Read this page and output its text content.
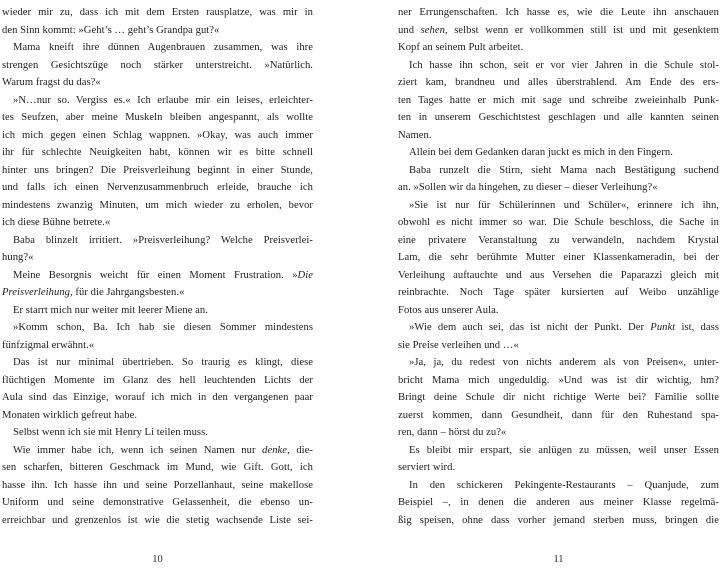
wieder mir zu, dass ich mit dem Ersten rausplatze, was mir in
den Sinn kommt: »Geht’s … geht’s Grandpa gut?«
Mama kneift ihre dünnen Augenbrauen zusammen, was ihre
strengen Gesichtszüge noch stärker unterstreicht. »Natürlich.
Warum fragst du das?«
»N…nur so. Vergiss es.« Ich erlaube mir ein leises, erleichter-
tes Seufzen, aber meine Muskeln bleiben angespannt, als wollte
ich mich gegen einen Schlag wappnen. »Okay, was auch immer
ihr für schlechte Neuigkeiten habt, können wir es bitte schnell
hinter uns bringen? Die Preisverleihung beginnt in einer Stunde,
und falls ich einen Nervenzusammenbruch erleide, brauche ich
mindestens zwanzig Minuten, um mich wieder zu erholen, bevor
ich diese Bühne betrete.«
Baba blinzelt irritiert. »Preisverleihung? Welche Preisverlei-
hung?«
Meine Besorgnis weicht für einen Moment Frustration. »Die
Preisverleihung, für die Jahrgangsbesten.«
Er starrt mich nur weiter mit leerer Miene an.
»Komm schon, Ba. Ich hab sie diesen Sommer mindestens
fünfzigmal erwähnt.«
Das ist nur minimal übertrieben. So traurig es klingt, diese
flüchtigen Momente im Glanz des hell leuchtenden Lichts der
Aula sind das Einzige, worauf ich mich in den vergangenen paar
Monaten wirklich gefreut habe.
Selbst wenn ich sie mit Henry Li teilen muss.
Wie immer habe ich, wenn ich seinen Namen nur denke, die-
sen scharfen, bitteren Geschmack im Mund, wie Gift. Gott, ich
hasse ihn. Ich hasse ihn und seine Porzellanhaut, seine makellose
Uniform und seine demonstrative Gelassenheit, die ebenso un-
erreichbar und grenzenlos ist wie die stetig wachsende Liste sei-
ner Errungenschaften. Ich hasse es, wie die Leute ihn anschauen
und sehen, selbst wenn er vollkommen still ist und mit gesenktem
Kopf an seinem Pult arbeitet.
Ich hasse ihn schon, seit er vor vier Jahren in die Schule stol-
ziert kam, brandneu und alles überstrahlend. Am Ende des ers-
ten Tages hatte er mich mit sage und schreibe zweieinhalb Punk-
ten in unserem Geschichtstest geschlagen und alle kannten seinen
Namen.
Allein bei dem Gedanken daran juckt es mich in den Fingern.
Baba runzelt die Stirn, sieht Mama nach Bestätigung suchend
an. »Sollen wir da hingehen, zu dieser – dieser Verleihung?«
»Sie ist nur für Schülerinnen und Schüler«, erinnere ich ihn,
obwohl es nicht immer so war. Die Schule beschloss, die Sache in
eine privatere Veranstaltung zu verwandeln, nachdem Krystal
Lam, die sehr berühmte Mutter einer Klassenkameradin, bei der
Verleihung auftauchte und aus Versehen die Paparazzi gleich mit
reinbrachte. Noch Tage später kursierten auf Weibo unzählige
Fotos aus unserer Aula.
»Wie dem auch sei, das ist nicht der Punkt. Der Punkt ist, dass
sie Preise verleihen und …«
»Ja, ja, du redest von nichts anderem als von Preisen«, unter-
bricht Mama mich ungeduldig. »Und was ist dir wichtig, hm?
Bringt deine Schule dir nicht richtige Werte bei? Familie sollte
zuerst kommen, dann Gesundheit, dann für den Ruhestand spa-
ren, dann – hörst du zu?«
Es bleibt mir erspart, sie anlügen zu müssen, weil unser Essen
serviert wird.
In den schickeren Pekingente-Restaurants – Quanjude, zum
Beispiel –, in denen die anderen aus meiner Klasse regelmä-
ßig speisen, ohne dass vorher jemand sterben muss, bringen die
10	11
